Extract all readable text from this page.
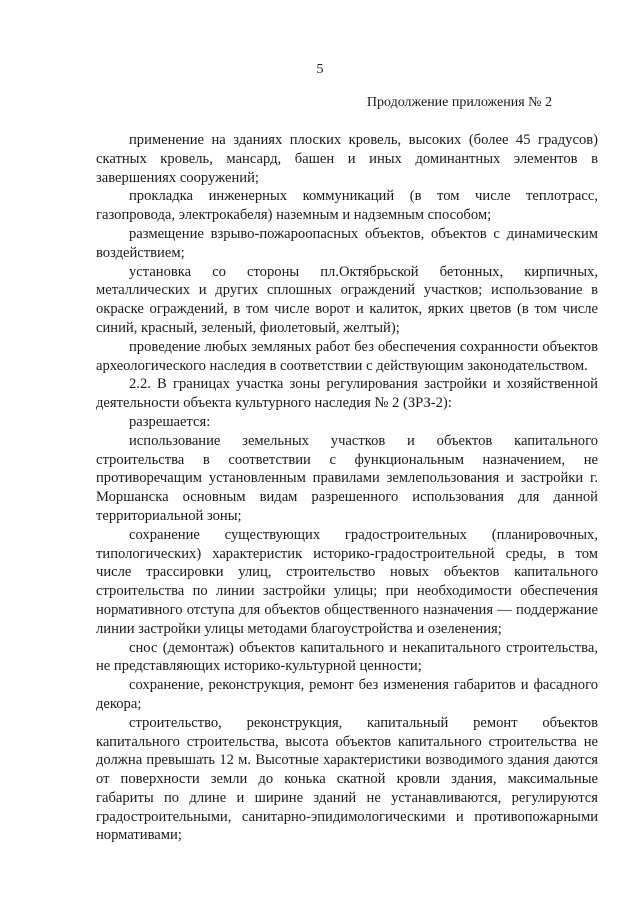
5
Продолжение приложения № 2

применение на зданиях плоских кровель, высоких (более 45 градусов) скатных кровель, мансард, башен и иных доминантных элементов в завершениях сооружений;

прокладка инженерных коммуникаций (в том числе теплотрасс, газопровода, электрокабеля) наземным и надземным способом;

размещение взрыво-пожароопасных объектов, объектов с динамическим воздействием;

установка со стороны пл.Октябрьской бетонных, кирпичных, металлических и других сплошных ограждений участков; использование в окраске ограждений, в том числе ворот и калиток, ярких цветов (в том числе синий, красный, зеленый, фиолетовый, желтый);

проведение любых земляных работ без обеспечения сохранности объектов археологического наследия в соответствии с действующим законодательством.

2.2. В границах участка зоны регулирования застройки и хозяйственной деятельности объекта культурного наследия № 2 (ЗРЗ-2):

разрешается:

использование земельных участков и объектов капитального строительства в соответствии с функциональным назначением, не противоречащим установленным правилами землепользования и застройки г. Моршанска основным видам разрешенного использования для данной территориальной зоны;

сохранение существующих градостроительных (планировочных, типологических) характеристик историко-градостроительной среды, в том числе трассировки улиц, строительство новых объектов капитального строительства по линии застройки улицы; при необходимости обеспечения нормативного отступа для объектов общественного назначения — поддержание линии застройки улицы методами благоустройства и озеленения;

снос (демонтаж) объектов капитального и некапитального строительства, не представляющих историко-культурной ценности;

сохранение, реконструкция, ремонт без изменения габаритов и фасадного декора;

строительство, реконструкция, капитальный ремонт объектов капитального строительства, высота объектов капитального строительства не должна превышать 12 м. Высотные характеристики возводимого здания даются от поверхности земли до конька скатной кровли здания, максимальные габариты по длине и ширине зданий не устанавливаются, регулируются градостроительными, санитарно-эпидимологическими и противопожарными нормативами;
